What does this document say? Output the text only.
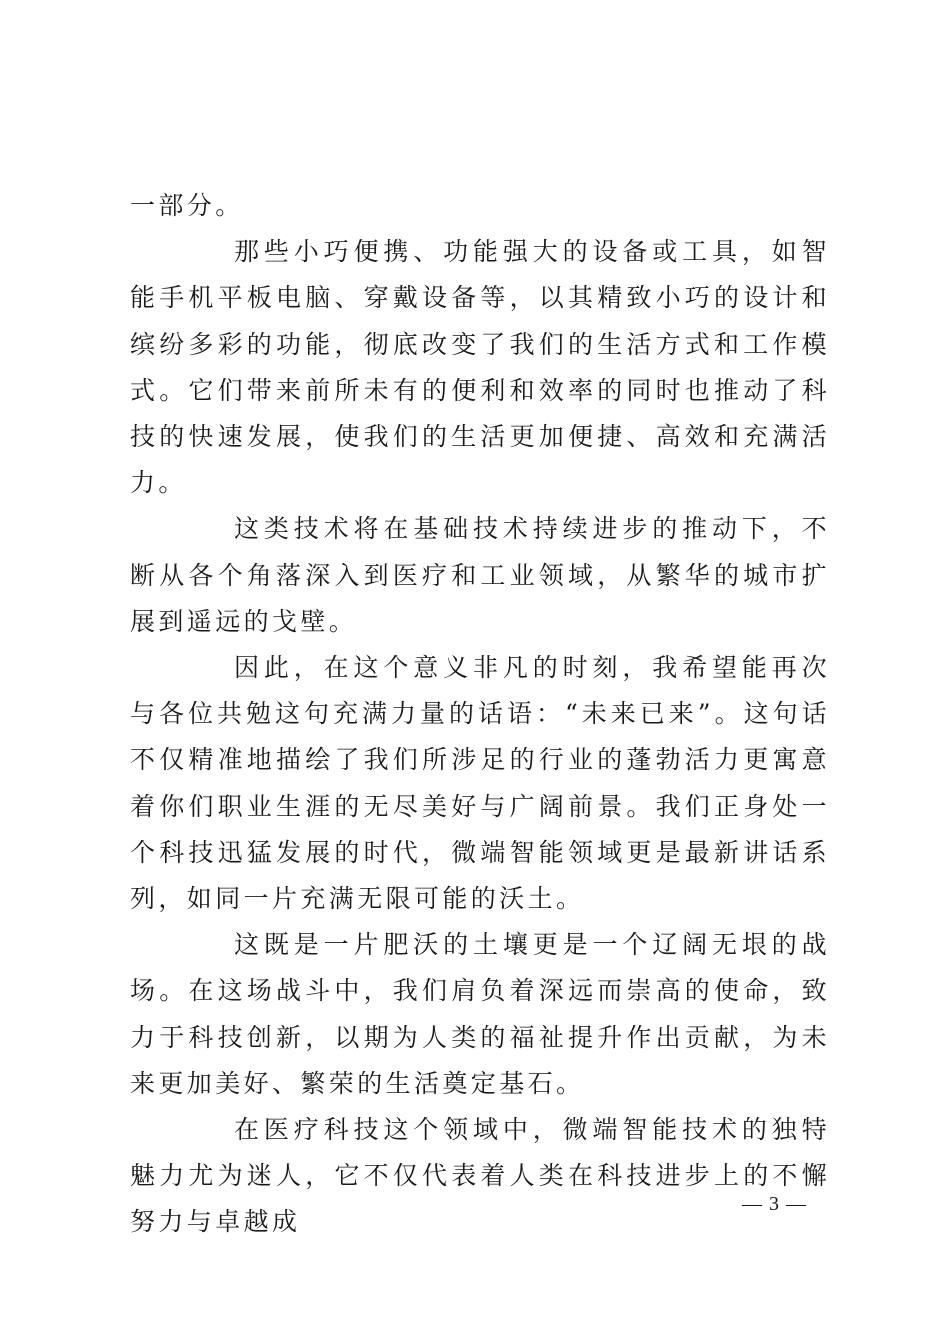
一部分。

那些小巧便携、功能强大的设备或工具，如智能手机平板电脑、穿戴设备等，以其精致小巧的设计和缤纷多彩的功能，彻底改变了我们的生活方式和工作模式。它们带来前所未有的便利和效率的同时也推动了科技的快速发展，使我们的生活更加便捷、高效和充满活力。

这类技术将在基础技术持续进步的推动下，不断从各个角落深入到医疗和工业领域，从繁华的城市扩展到遥远的戈壁。

因此，在这个意义非凡的时刻，我希望能再次与各位共勉这句充满力量的话语：“未来已来”。这句话不仅精准地描绘了我们所涉足的行业的蓬勃活力更寓意着你们职业生涯的无尽美好与广阔前景。我们正身处一个科技迅猛发展的时代，微端智能领域更是最新讲话系列，如同一片充满无限可能的沃土。

这既是一片肥沃的土壤更是一个辽阔无垠的战场。在这场战斗中，我们肩负着深远而崇高的使命，致力于科技创新，以期为人类的福祉提升作出贡献，为未来更加美好、繁荣的生活奠定基石。

在医疗科技这个领域中，微端智能技术的独特魅力尤为迷人，它不仅代表着人类在科技进步上的不懈努力与卓越成

— 3 —
